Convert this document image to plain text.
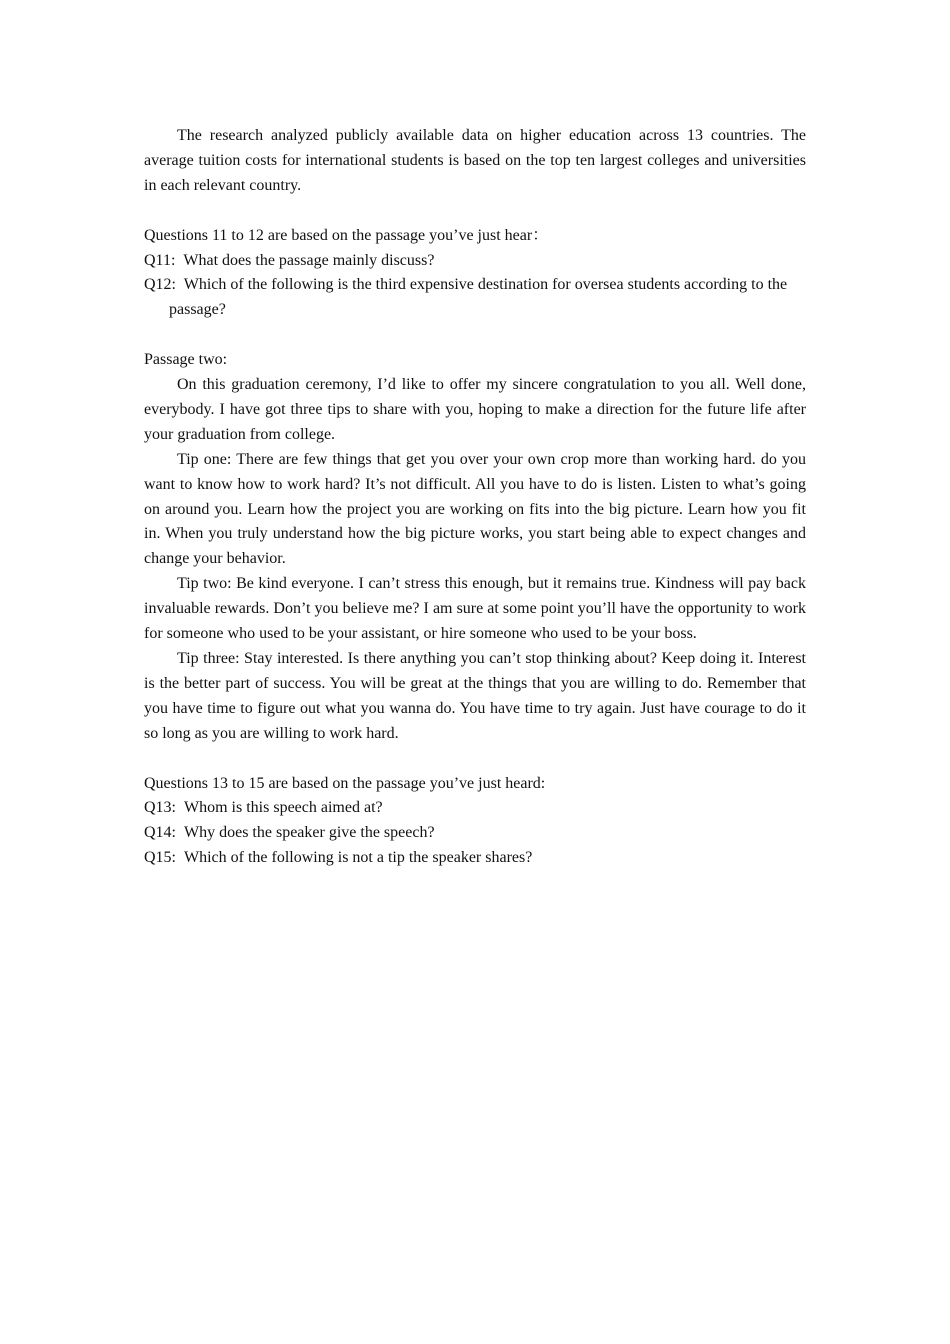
The research analyzed publicly available data on higher education across 13 countries. The average tuition costs for international students is based on the top ten largest colleges and universities in each relevant country.

Questions 11 to 12 are based on the passage you’ve just hear：

Q11: What does the passage mainly discuss?

Q12:  Which of the following is the third expensive destination for oversea students according to the passage?

Passage two:

On this graduation ceremony, I’d like to offer my sincere congratulation to you all. Well done, everybody. I have got three tips to share with you, hoping to make a direction for the future life after your graduation from college.

Tip one: There are few things that get you over your own crop more than working hard. do you want to know how to work hard? It’s not difficult. All you have to do is listen. Listen to what’s going on around you. Learn how the project you are working on fits into the big picture. Learn how you fit in. When you truly understand how the big picture works, you start being able to expect changes and change your behavior.

Tip two: Be kind everyone. I can’t stress this enough, but it remains true. Kindness will pay back invaluable rewards. Don’t you believe me? I am sure at some point you’ll have the opportunity to work for someone who used to be your assistant, or hire someone who used to be your boss.

Tip three: Stay interested. Is there anything you can’t stop thinking about? Keep doing it. Interest is the better part of success. You will be great at the things that you are willing to do. Remember that you have time to figure out what you wanna do. You have time to try again. Just have courage to do it so long as you are willing to work hard.

Questions 13 to 15 are based on the passage you’ve just heard:

Q13: Whom is this speech aimed at?

Q14: Why does the speaker give the speech?

Q15: Which of the following is not a tip the speaker shares?
